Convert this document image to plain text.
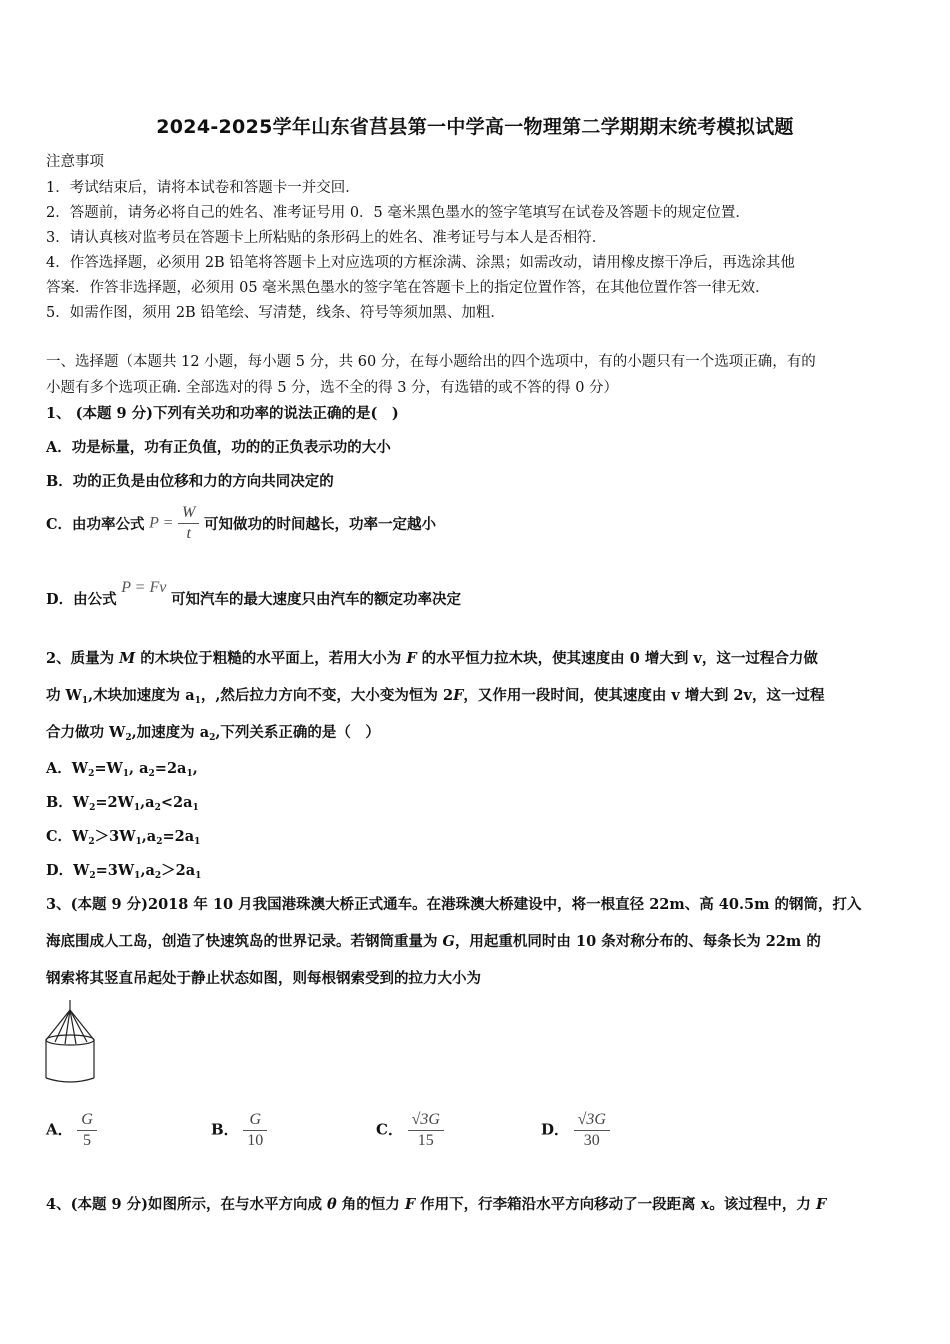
2024-2025学年山东省莒县第一中学高一物理第二学期期末统考模拟试题
注意事项
1．考试结束后，请将本试卷和答题卡一并交回．
2．答题前，请务必将自己的姓名、准考证号用 0．5 毫米黑色墨水的签字笔填写在试卷及答题卡的规定位置．
3．请认真核对监考员在答题卡上所粘贴的条形码上的姓名、准考证号与本人是否相符．
4．作答选择题，必须用 2B 铅笔将答题卡上对应选项的方框涂满、涂黑；如需改动，请用橡皮擦干净后，再选涂其他
答案．作答非选择题，必须用 05 毫米黑色墨水的签字笔在答题卡上的指定位置作答，在其他位置作答一律无效．
5．如需作图，须用 2B 铅笔绘、写清楚，线条、符号等须加黑、加粗．
一、选择题（本题共 12 小题，每小题 5 分，共 60 分，在每小题给出的四个选项中，有的小题只有一个选项正确，有的
小题有多个选项正确. 全部选对的得 5 分，选不全的得 3 分，有选错的或不答的得 0 分）
1、 (本题 9 分)下列有关功和功率的说法正确的是(　)
A．功是标量，功有正负值，功的的正负表示功的大小
B．功的正负是由位移和力的方向共同决定的
C．由功率公式 $P = \frac{W}{t}$ 可知做功的时间越长，功率一定越小
D．由公式 P = Fv 可知汽车的最大速度只由汽车的额定功率决定
2、质量为 M 的木块位于粗糙的水平面上，若用大小为 F 的水平恒力拉木块，使其速度由 0 增大到 v，这一过程合力做
功 $W_1$,木块加速度为 $a_1$，,然后拉力方向不变，大小变为恒为 2F，又作用一段时间，使其速度由 v 增大到 2v，这一过程
合力做功 $W_2$,加速度为 $a_2$,下列关系正确的是（　）
A．$W_2=W_1$, $a_2=2a_1$,
B．$W_2=2W_1,a_2<2a_1$
C．$W_2>3W_1,a_2=2a_1$
D．$W_2=3W_1,a_2>2a_1$
3、(本题 9 分)2018 年 10 月我国港珠澳大桥正式通车。在港珠澳大桥建设中，将一根直径 22m、高 40.5m 的钢筒，打入
海底围成人工岛，创造了快速筑岛的世界记录。若钢筒重量为 G，用起重机同时由 10 条对称分布的、每条长为 22m 的
钢索将其竖直吊起处于静止状态如图，则每根钢索受到的拉力大小为
A． $\frac{G}{5}$	B． $\frac{G}{10}$	C． $\frac{√3G}{15}$	D． $\frac{√3G}{30}$
4、(本题 9 分)如图所示，在与水平方向成 θ 角的恒力 F 作用下，行李箱沿水平方向移动了一段距离 x。该过程中，力 F
